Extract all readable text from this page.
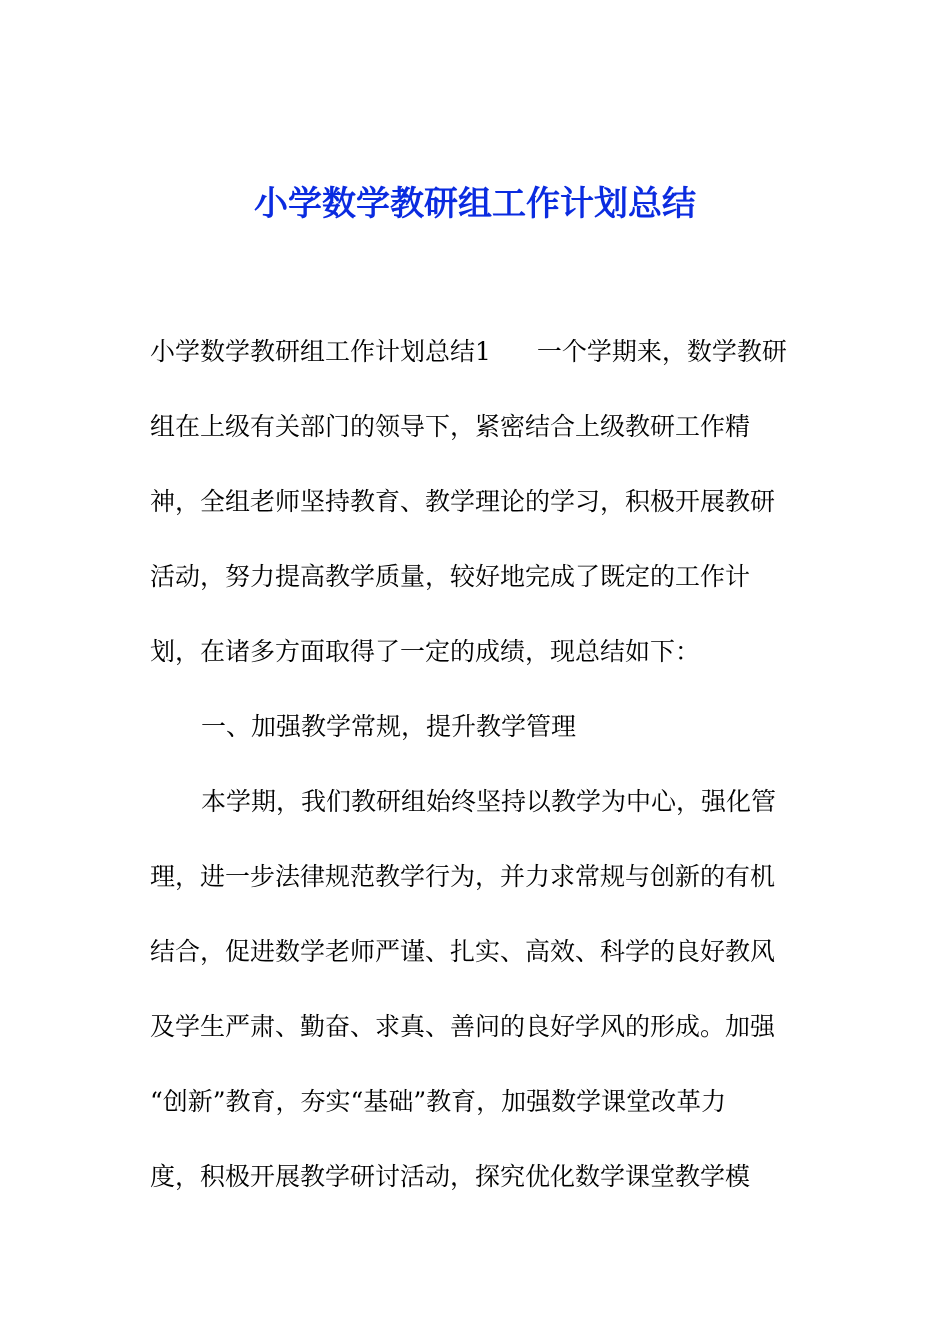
小学数学教研组工作计划总结
小学数学教研组工作计划总结1 一个学期来，数学教研
组在上级有关部门的领导下，紧密结合上级教研工作精
神，全组老师坚持教育、教学理论的学习，积极开展教研
活动，努力提高教学质量，较好地完成了既定的工作计
划，在诸多方面取得了一定的成绩，现总结如下：
一、加强教学常规，提升教学管理
本学期，我们教研组始终坚持以教学为中心，强化管
理，进一步法律规范教学行为，并力求常规与创新的有机
结合，促进数学老师严谨、扎实、高效、科学的良好教风
及学生严肃、勤奋、求真、善问的良好学风的形成。加强
“创新”教育，夯实“基础”教育，加强数学课堂改革力
度，积极开展教学研讨活动，探究优化数学课堂教学模
